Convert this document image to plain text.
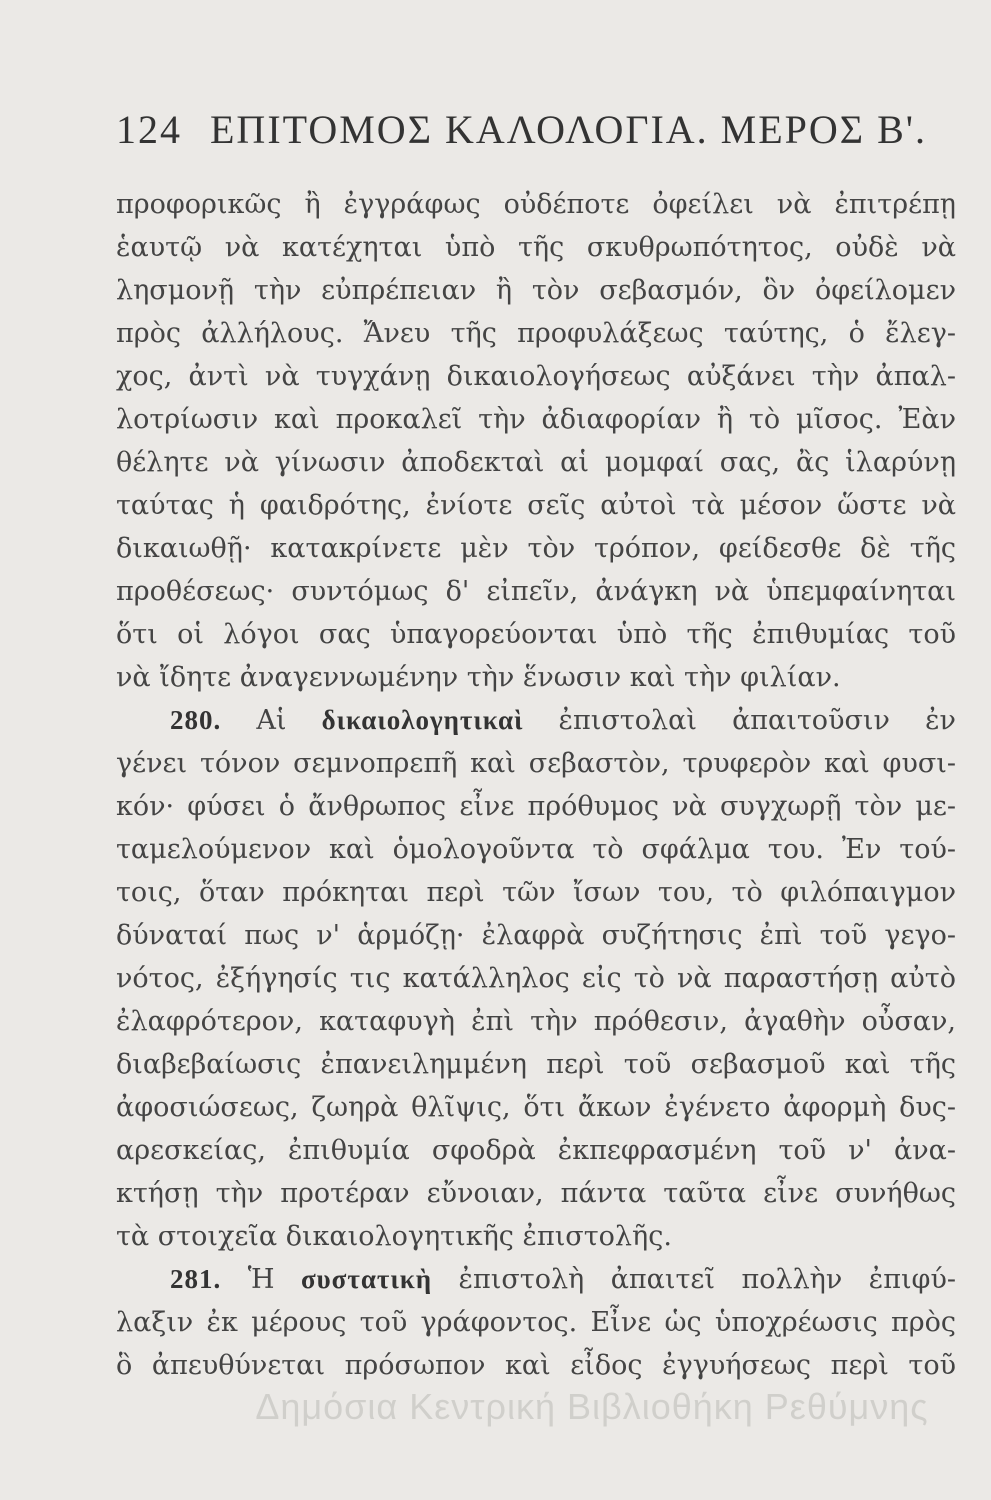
124 ΕΠΙΤΟΜΟΣ ΚΑΛΟΛΟΓΙΑ. ΜΕΡΟΣ Β'.
προφορικῶς ἢ ἐγγράφως οὐδέποτε ὀφείλει νὰ ἐπιτρέπῃ
ἑαυτῷ νὰ κατέχηται ὑπὸ τῆς σκυθρωπότητος, οὐδὲ νὰ
λησμονῇ τὴν εὐπρέπειαν ἢ τὸν σεβασμόν, ὃν ὀφείλομεν
πρὸς ἀλλήλους. Ἄνευ τῆς προφυλάξεως ταύτης, ὁ ἔλεγ-
χος, ἀντὶ νὰ τυγχάνῃ δικαιολογήσεως αὐξάνει τὴν ἀπαλ-
λοτρίωσιν καὶ προκαλεῖ τὴν ἀδιαφορίαν ἢ τὸ μῖσος. Ἐὰν
θέλητε νὰ γίνωσιν ἀποδεκταὶ αἱ μομφαί σας, ἂς ἱλαρύνῃ
ταύτας ἡ φαιδρότης, ἐνίοτε σεῖς αὐτοὶ τὰ μέσον ὥστε νὰ
δικαιωθῇ· κατακρίνετε μὲν τὸν τρόπον, φείδεσθε δὲ τῆς
προθέσεως· συντόμως δ' εἰπεῖν, ἀνάγκη νὰ ὑπεμφαίνηται
ὅτι οἱ λόγοι σας ὑπαγορεύονται ὑπὸ τῆς ἐπιθυμίας τοῦ
νὰ ἴδητε ἀναγεννωμένην τὴν ἕνωσιν καὶ τὴν φιλίαν.
280. Αἱ δικαιολογητικαὶ ἐπιστολαὶ ἀπαιτοῦσιν ἐν
γένει τόνον σεμνοπρεπῆ καὶ σεβαστὸν, τρυφερὸν καὶ φυσι-
κόν· φύσει ὁ ἄνθρωπος εἶνε πρόθυμος νὰ συγχωρῇ τὸν με-
ταμελούμενον καὶ ὁμολογοῦντα τὸ σφάλμα του. Ἐν τού-
τοις, ὅταν πρόκηται περὶ τῶν ἴσων του, τὸ φιλόπαιγμον
δύναταί πως ν' ἁρμόζῃ· ἐλαφρὰ συζήτησις ἐπὶ τοῦ γεγο-
νότος, ἐξήγησίς τις κατάλληλος εἰς τὸ νὰ παραστήσῃ αὐτὸ
ἐλαφρότερον, καταφυγὴ ἐπὶ τὴν πρόθεσιν, ἀγαθὴν οὖσαν,
διαβεβαίωσις ἐπανειλημμένη περὶ τοῦ σεβασμοῦ καὶ τῆς
ἀφοσιώσεως, ζωηρὰ θλῖψις, ὅτι ἄκων ἐγένετο ἀφορμὴ δυς-
αρεσκείας, ἐπιθυμία σφοδρὰ ἐκπεφρασμένη τοῦ ν' ἀνα-
κτήσῃ τὴν προτέραν εὔνοιαν, πάντα ταῦτα εἶνε συνήθως
τὰ στοιχεῖα δικαιολογητικῆς ἐπιστολῆς.
281. Ἡ συστατικὴ ἐπιστολὴ ἀπαιτεῖ πολλὴν ἐπιφύ-
λαξιν ἐκ μέρους τοῦ γράφοντος. Εἶνε ὡς ὑποχρέωσις πρὸς
ὃ ἀπευθύνεται πρόσωπον καὶ εἶδος ἐγγυήσεως περὶ τοῦ
Δημόσια Κεντρική Βιβλιοθήκη Ρεθύμνης
